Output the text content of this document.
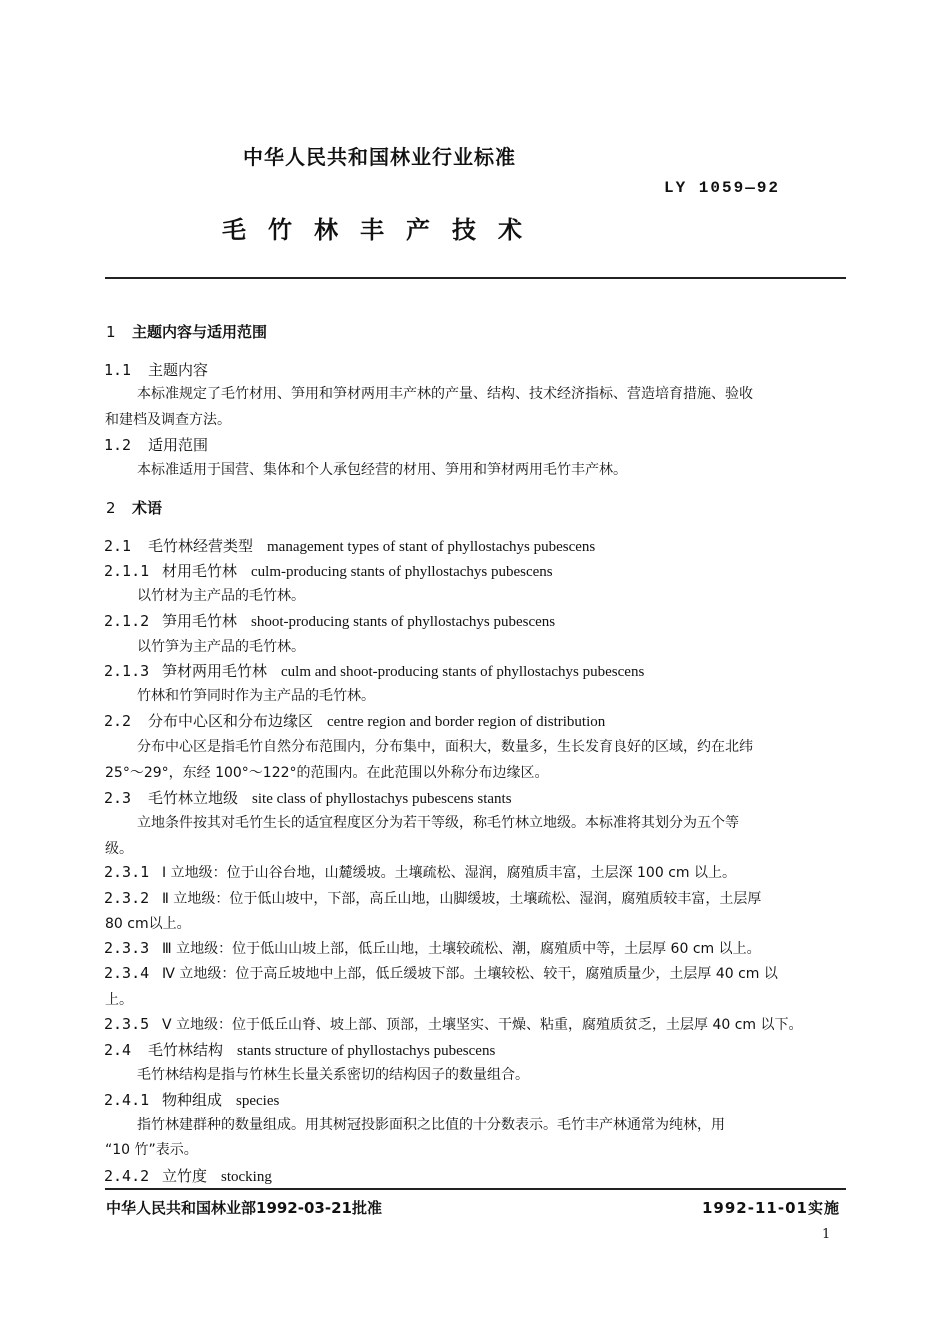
中华人民共和国林业行业标准
LY 1059—92
毛竹林丰产技术
1 主题内容与适用范围
1.1 主题内容
本标准规定了毛竹材用、笋用和笋材两用丰产林的产量、结构、技术经济指标、营造培育措施、验收
和建档及调查方法。
1.2 适用范围
本标准适用于国营、集体和个人承包经营的材用、笋用和笋材两用毛竹丰产林。
2 术语
2.1 毛竹林经营类型 management types of stant of phyllostachys pubescens
2.1.1 材用毛竹林 culm-producing stants of phyllostachys pubescens
以竹材为主产品的毛竹林。
2.1.2 笋用毛竹林 shoot-producing stants of phyllostachys pubescens
以竹笋为主产品的毛竹林。
2.1.3 笋材两用毛竹林 culm and shoot-producing stants of phyllostachys pubescens
竹林和竹笋同时作为主产品的毛竹林。
2.2 分布中心区和分布边缘区 centre region and border region of distribution
分布中心区是指毛竹自然分布范围内，分布集中，面积大，数量多，生长发育良好的区域，约在北纬
25°～29°，东经 100°～122°的范围内。在此范围以外称分布边缘区。
2.3 毛竹林立地级 site class of phyllostachys pubescens stants
立地条件按其对毛竹生长的适宜程度区分为若干等级，称毛竹林立地级。本标准将其划分为五个等
级。
2.3.1 Ⅰ 立地级：位于山谷台地，山麓缓坡。土壤疏松、湿润，腐殖质丰富，土层深 100 cm 以上。
2.3.2 Ⅱ 立地级：位于低山坡中，下部，高丘山地，山脚缓坡，土壤疏松、湿润，腐殖质较丰富，土层厚
80 cm以上。
2.3.3 Ⅲ 立地级：位于低山山坡上部，低丘山地，土壤较疏松、潮，腐殖质中等，土层厚 60 cm 以上。
2.3.4 Ⅳ 立地级：位于高丘坡地中上部，低丘缓坡下部。土壤较松、较干，腐殖质量少，土层厚 40 cm 以
上。
2.3.5 Ⅴ 立地级：位于低丘山脊、坡上部、顶部，土壤坚实、干燥、粘重，腐殖质贫乏，土层厚 40 cm 以下。
2.4 毛竹林结构 stants structure of phyllostachys pubescens
毛竹林结构是指与竹林生长量关系密切的结构因子的数量组合。
2.4.1 物种组成 species
指竹林建群种的数量组成。用其树冠投影面积之比值的十分数表示。毛竹丰产林通常为纯林，用
“10 竹”表示。
2.4.2 立竹度 stocking
中华人民共和国林业部1992-03-21批准	1992-11-01实施
1
